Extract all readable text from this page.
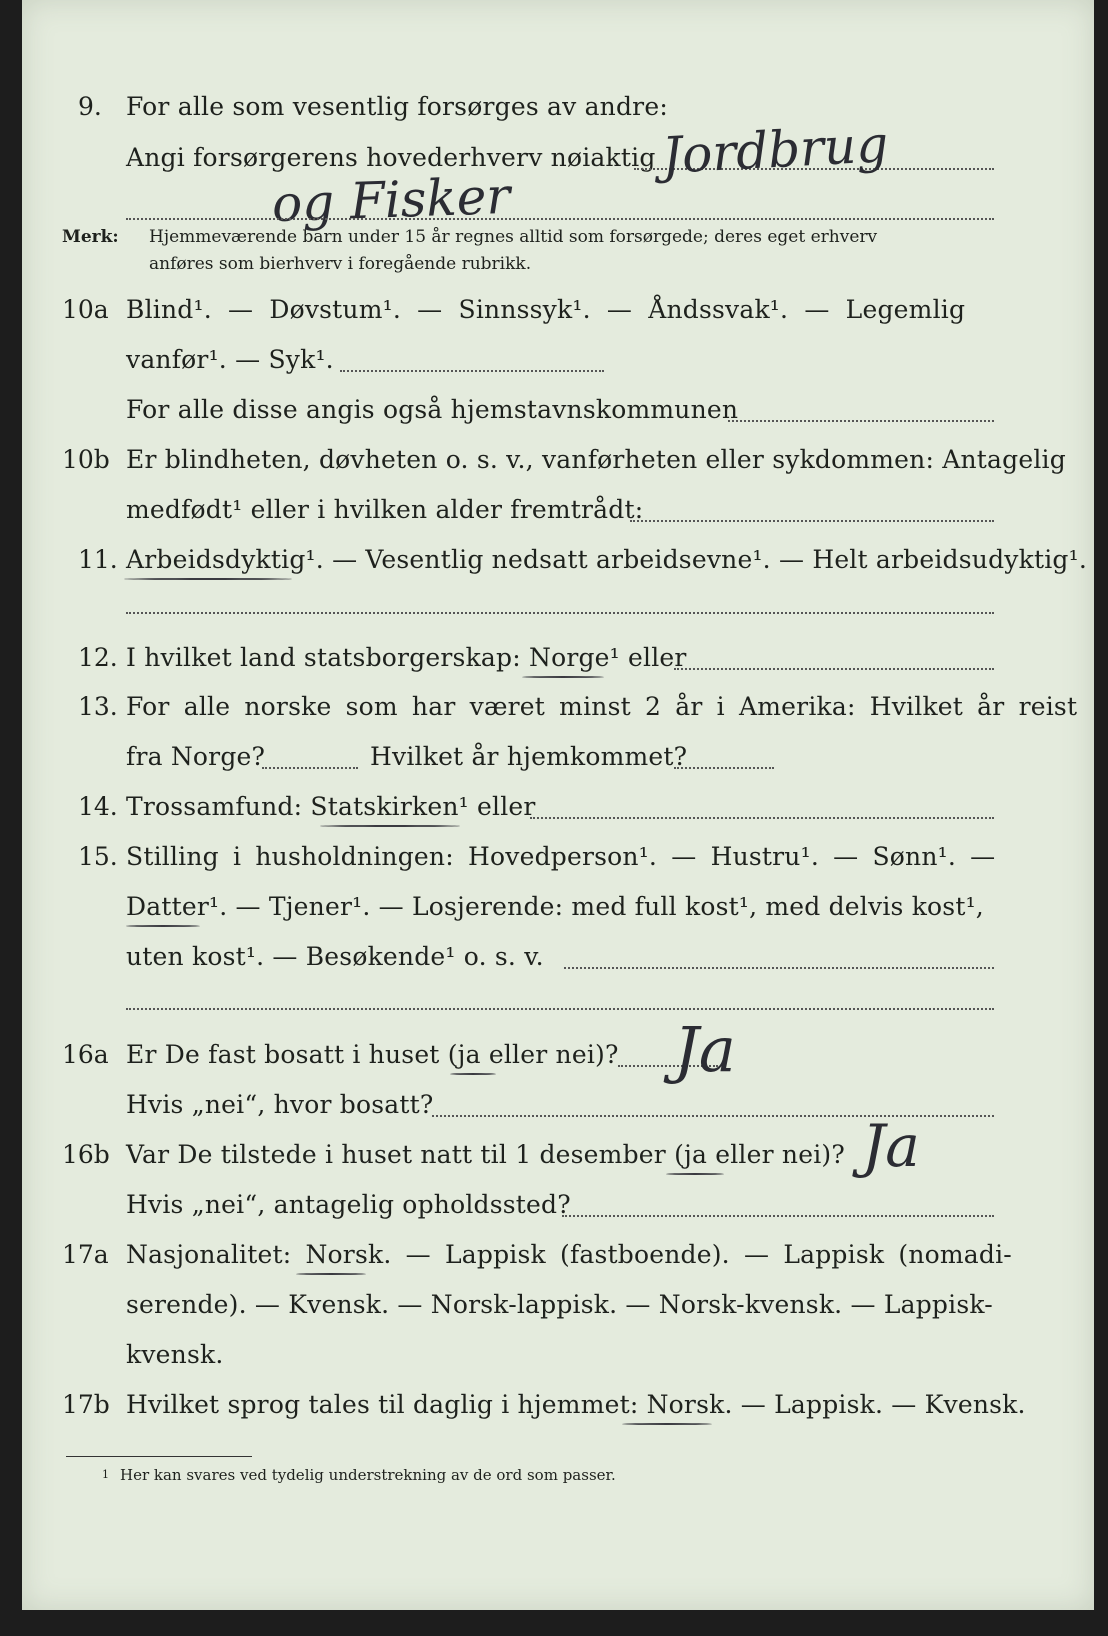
9. For alle som vesentlig forsørges av andre:
Angi forsørgerens hovederhverv nøiaktig Jordbrug
og Fisker
Merk: Hjemmeværende barn under 15 år regnes alltid som forsørgede; deres eget erhverv
anføres som bierhverv i foregående rubrikk.
10a Blind¹. — Døvstum¹. — Sinnssyk¹. — Åndssvak¹. — Legemlig
vanfør¹. — Syk¹.
For alle disse angis også hjemstavnskommunen
10b Er blindheten, døvheten o. s. v., vanførheten eller sykdommen: Antagelig
medfødt¹ eller i hvilken alder fremtrådt:
11. Arbeidsdyktig¹. — Vesentlig nedsatt arbeidsevne¹. — Helt arbeidsudyktig¹.
12. I hvilket land statsborgerskap: Norge¹ eller
13. For alle norske som har været minst 2 år i Amerika: Hvilket år reist
fra Norge?	Hvilket år hjemkommet?
14. Trossamfund: Statskirken¹ eller
15. Stilling i husholdningen: Hovedperson¹. — Hustru¹. — Sønn¹. —
Datter¹. — Tjener¹. — Losjerende: med full kost¹, med delvis kost¹,
uten kost¹. — Besøkende¹ o. s. v.
16a Er De fast bosatt i huset (ja eller nei)? Ja
Hvis „nei“, hvor bosatt?
16b Var De tilstede i huset natt til 1 desember (ja eller nei)? Ja
Hvis „nei“, antagelig opholdssted?
17a Nasjonalitet: Norsk. — Lappisk (fastboende). — Lappisk (nomadi-
serende). — Kvensk. — Norsk-lappisk. — Norsk-kvensk. — Lappisk-
kvensk.
17b Hvilket sprog tales til daglig i hjemmet: Norsk. — Lappisk. — Kvensk.
1 Her kan svares ved tydelig understrekning av de ord som passer.
